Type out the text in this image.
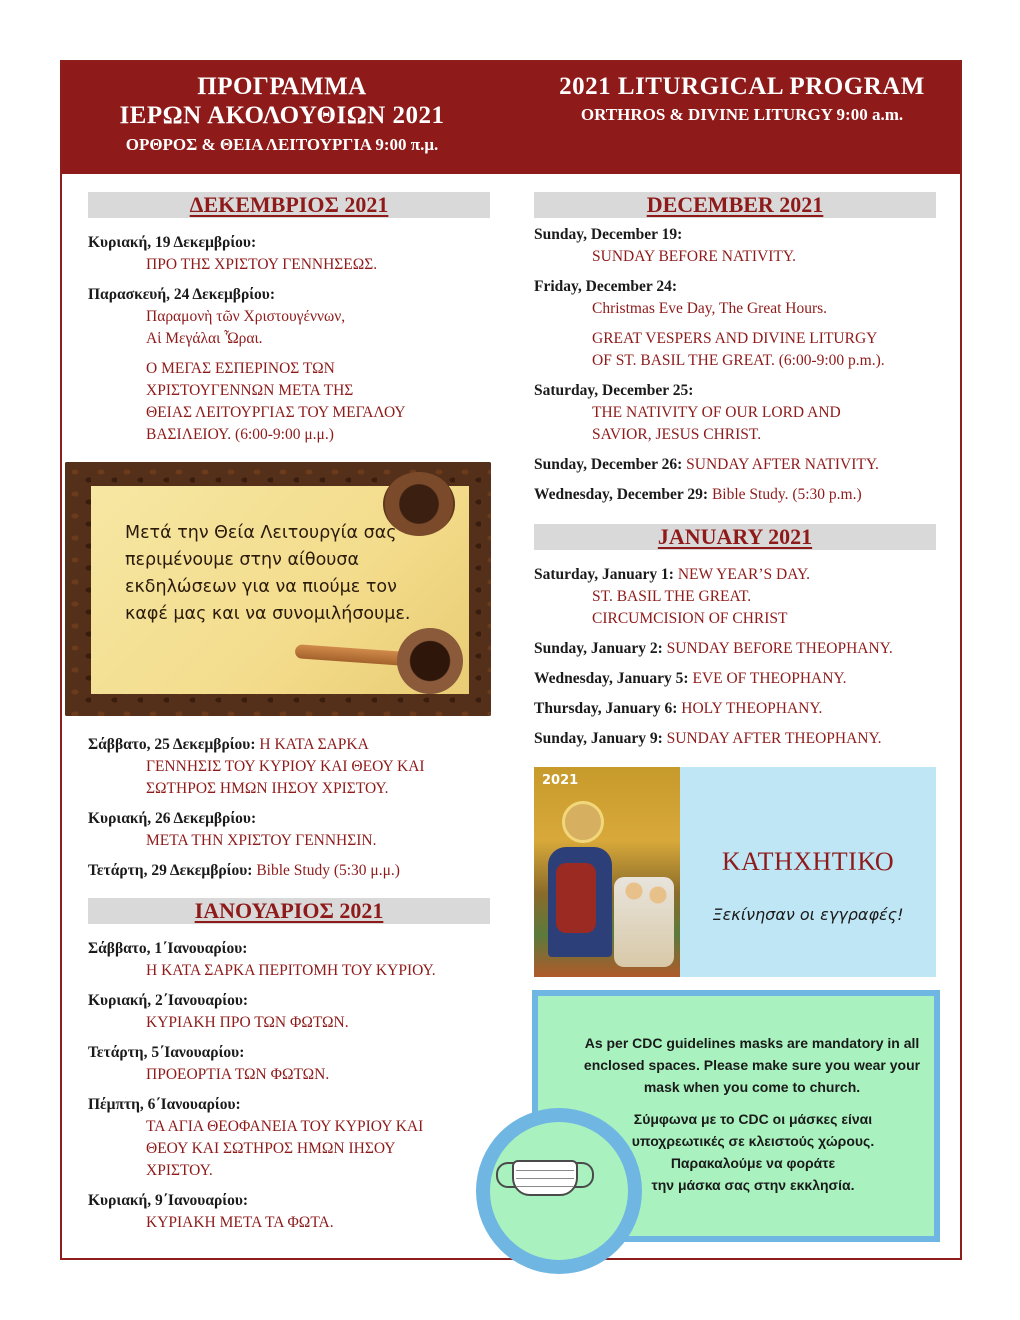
ΠΡΟΓΡΑΜΜΑ
ΙΕΡΩΝ ΑΚΟΛΟΥΘΙΩΝ 2021
ΟΡΘΡΟΣ & ΘΕΙΑ ΛΕΙΤΟΥΡΓΙΑ 9:00 π.μ.
2021 LITURGICAL PROGRAM
ORTHROS & DIVINE LITURGY 9:00 a.m.
ΔΕΚΕΜΒΡΙΟΣ 2021
Κυριακή, 19 Δεκεμβρίου:
ΠΡΟ ΤΗΣ ΧΡΙΣΤΟΥ ΓΕΝΝΗΣΕΩΣ.
Παρασκευή, 24 Δεκεμβρίου:
Παραμονὴ τῶν Χριστουγέννων,
Αἱ Μεγάλαι Ὧραι.
Ο ΜΕΓΑΣ ΕΣΠΕΡΙΝΟΣ ΤΩΝ
ΧΡΙΣΤΟΥΓΕΝΝΩΝ ΜΕΤΑ ΤΗΣ
ΘΕΙΑΣ ΛΕΙΤΟΥΡΓΙΑΣ ΤΟΥ ΜΕΓΑΛΟΥ
ΒΑΣΙΛΕΙΟΥ. (6:00-9:00 μ.μ.)
Μετά την Θεία Λειτουργία σας περιμένουμε στην αίθουσα εκδηλώσεων για να πιούμε τον καφέ μας και να συνομιλήσουμε.
Σάββατο, 25 Δεκεμβρίου: Η ΚΑΤΑ ΣΑΡΚΑ
ΓΕΝΝΗΣΙΣ ΤΟΥ ΚΥΡΙΟΥ ΚΑΙ ΘΕΟΥ ΚΑΙ
ΣΩΤΗΡΟΣ ΗΜΩΝ ΙΗΣΟΥ ΧΡΙΣΤΟΥ.
Κυριακή, 26 Δεκεμβρίου:
ΜΕΤΑ ΤΗΝ ΧΡΙΣΤΟΥ ΓΕΝΝΗΣΙΝ.
Τετάρτη, 29 Δεκεμβρίου: Bible Study (5:30 μ.μ.)
ΙΑΝΟΥΑΡΙΟΣ 2021
Σάββατο, 1΄Ιανουαρίου:
Η ΚΑΤΑ ΣΑΡΚΑ ΠΕΡΙΤΟΜΗ ΤΟΥ ΚΥΡΙΟΥ.
Κυριακή, 2΄Ιανουαρίου:
ΚΥΡΙΑΚΗ ΠΡΟ ΤΩΝ ΦΩΤΩΝ.
Τετάρτη, 5΄Ιανουαρίου:
ΠΡΟΕΟΡΤΙΑ ΤΩΝ ΦΩΤΩΝ.
Πέμπτη, 6΄Ιανουαρίου:
ΤΑ ΑΓΙΑ ΘΕΟΦΑΝΕΙΑ ΤΟΥ ΚΥΡΙΟΥ ΚΑΙ
ΘΕΟΥ ΚΑΙ ΣΩΤΗΡΟΣ ΗΜΩΝ ΙΗΣΟΥ
ΧΡΙΣΤΟΥ.
Κυριακή, 9΄Ιανουαρίου:
ΚΥΡΙΑΚΗ ΜΕΤΑ ΤΑ ΦΩΤΑ.
DECEMBER 2021
Sunday, December 19:
SUNDAY BEFORE NATIVITY.
Friday, December 24:
Christmas Eve Day, The Great Hours.
GREAT VESPERS AND DIVINE LITURGY
OF ST. BASIL THE GREAT. (6:00-9:00 p.m.).
Saturday, December 25:
THE NATIVITY OF OUR LORD AND
SAVIOR, JESUS CHRIST.
Sunday, December 26: SUNDAY AFTER NATIVITY.
Wednesday, December 29: Bible Study. (5:30 p.m.)
JANUARY 2021
Saturday, January 1: NEW YEAR’S DAY.
ST. BASIL THE GREAT.
CIRCUMCISION OF CHRIST
Sunday, January 2: SUNDAY BEFORE THEOPHANY.
Wednesday, January 5: EVE OF THEOPHANY.
Thursday, January 6: HOLY THEOPHANY.
Sunday, January 9: SUNDAY AFTER THEOPHANY.
2021
ΚΑΤΗΧΗΤΙΚΟ
Ξεκίνησαν οι εγγραφές!
As per CDC guidelines masks are mandatory in all enclosed spaces. Please make sure you wear your mask when you come to church.
Σύμφωνα με το CDC οι μάσκες είναι
υποχρεωτικές σε κλειστούς χώρους.
Παρακαλούμε να φοράτε
την μάσκα σας στην εκκλησία.
